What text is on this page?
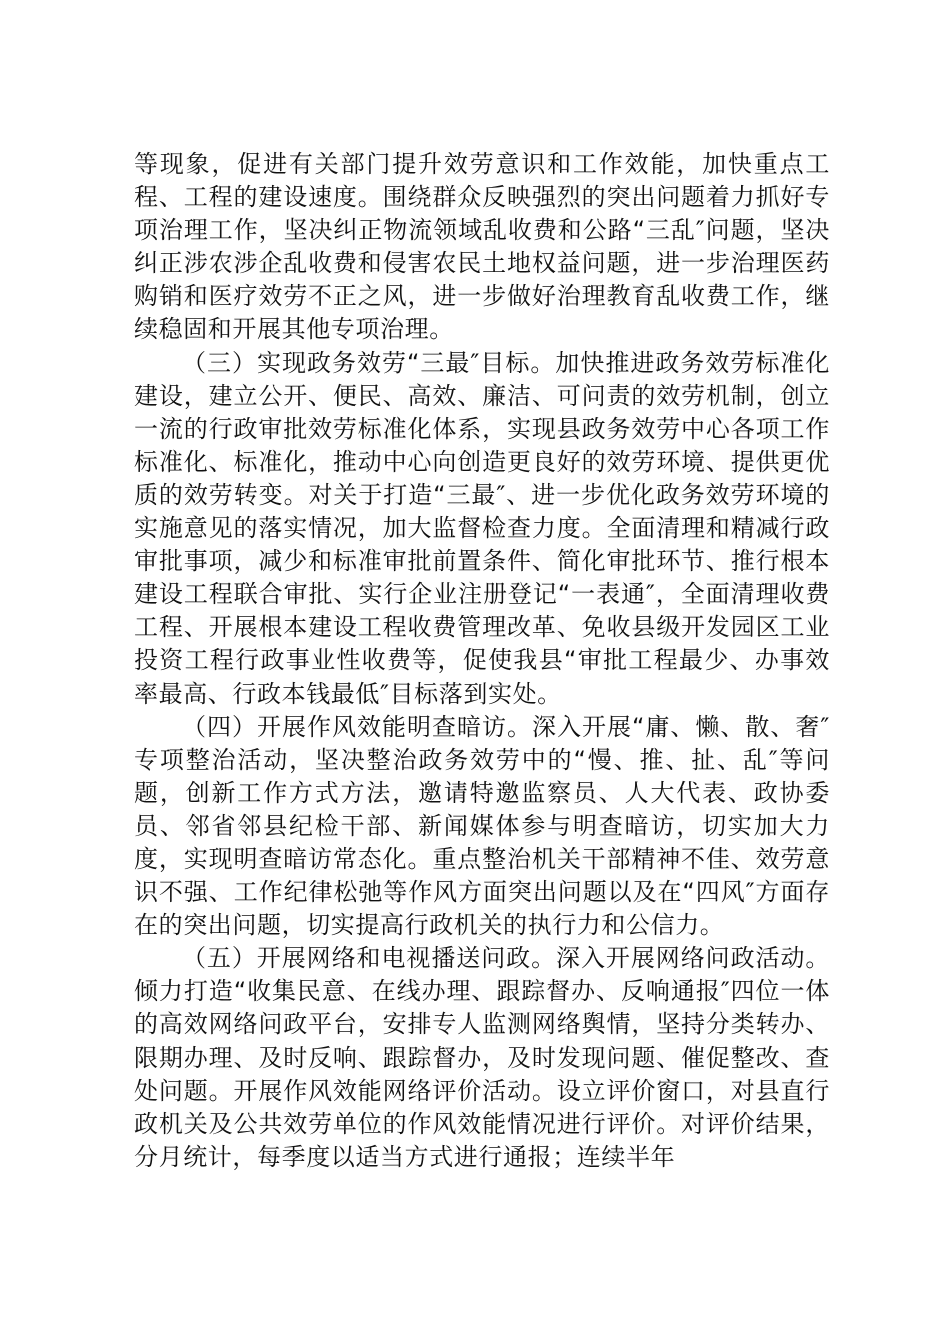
等现象，促进有关部门提升效劳意识和工作效能，加快重点工程、工程的建设速度。围绕群众反映强烈的突出问题着力抓好专项治理工作，坚决纠正物流领域乱收费和公路“三乱″问题，坚决纠正涉农涉企乱收费和侵害农民土地权益问题，进一步治理医药购销和医疗效劳不正之风，进一步做好治理教育乱收费工作，继续稳固和开展其他专项治理。

（三）实现政务效劳“三最″目标。加快推进政务效劳标准化建设，建立公开、便民、高效、廉洁、可问责的效劳机制，创立一流的行政审批效劳标准化体系，实现县政务效劳中心各项工作标准化、标准化，推动中心向创造更良好的效劳环境、提供更优质的效劳转变。对关于打造“三最″、进一步优化政务效劳环境的实施意见的落实情况，加大监督检查力度。全面清理和精减行政审批事项，减少和标准审批前置条件、简化审批环节、推行根本建设工程联合审批、实行企业注册登记“一表通″，全面清理收费工程、开展根本建设工程收费管理改革、免收县级开发园区工业投资工程行政事业性收费等，促使我县“审批工程最少、办事效率最高、行政本钱最低″目标落到实处。

（四）开展作风效能明查暗访。深入开展“庸、懒、散、奢″专项整治活动，坚决整治政务效劳中的“慢、推、扯、乱″等问题，创新工作方式方法，邀请特邀监察员、人大代表、政协委员、邻省邻县纪检干部、新闻媒体参与明查暗访，切实加大力度，实现明查暗访常态化。重点整治机关干部精神不佳、效劳意识不强、工作纪律松弛等作风方面突出问题以及在“四风″方面存在的突出问题，切实提高行政机关的执行力和公信力。

（五）开展网络和电视播送问政。深入开展网络问政活动。倾力打造“收集民意、在线办理、跟踪督办、反响通报″四位一体的高效网络问政平台，安排专人监测网络舆情，坚持分类转办、限期办理、及时反响、跟踪督办，及时发现问题、催促整改、查处问题。开展作风效能网络评价活动。设立评价窗口，对县直行政机关及公共效劳单位的作风效能情况进行评价。对评价结果，分月统计，每季度以适当方式进行通报；连续半年
